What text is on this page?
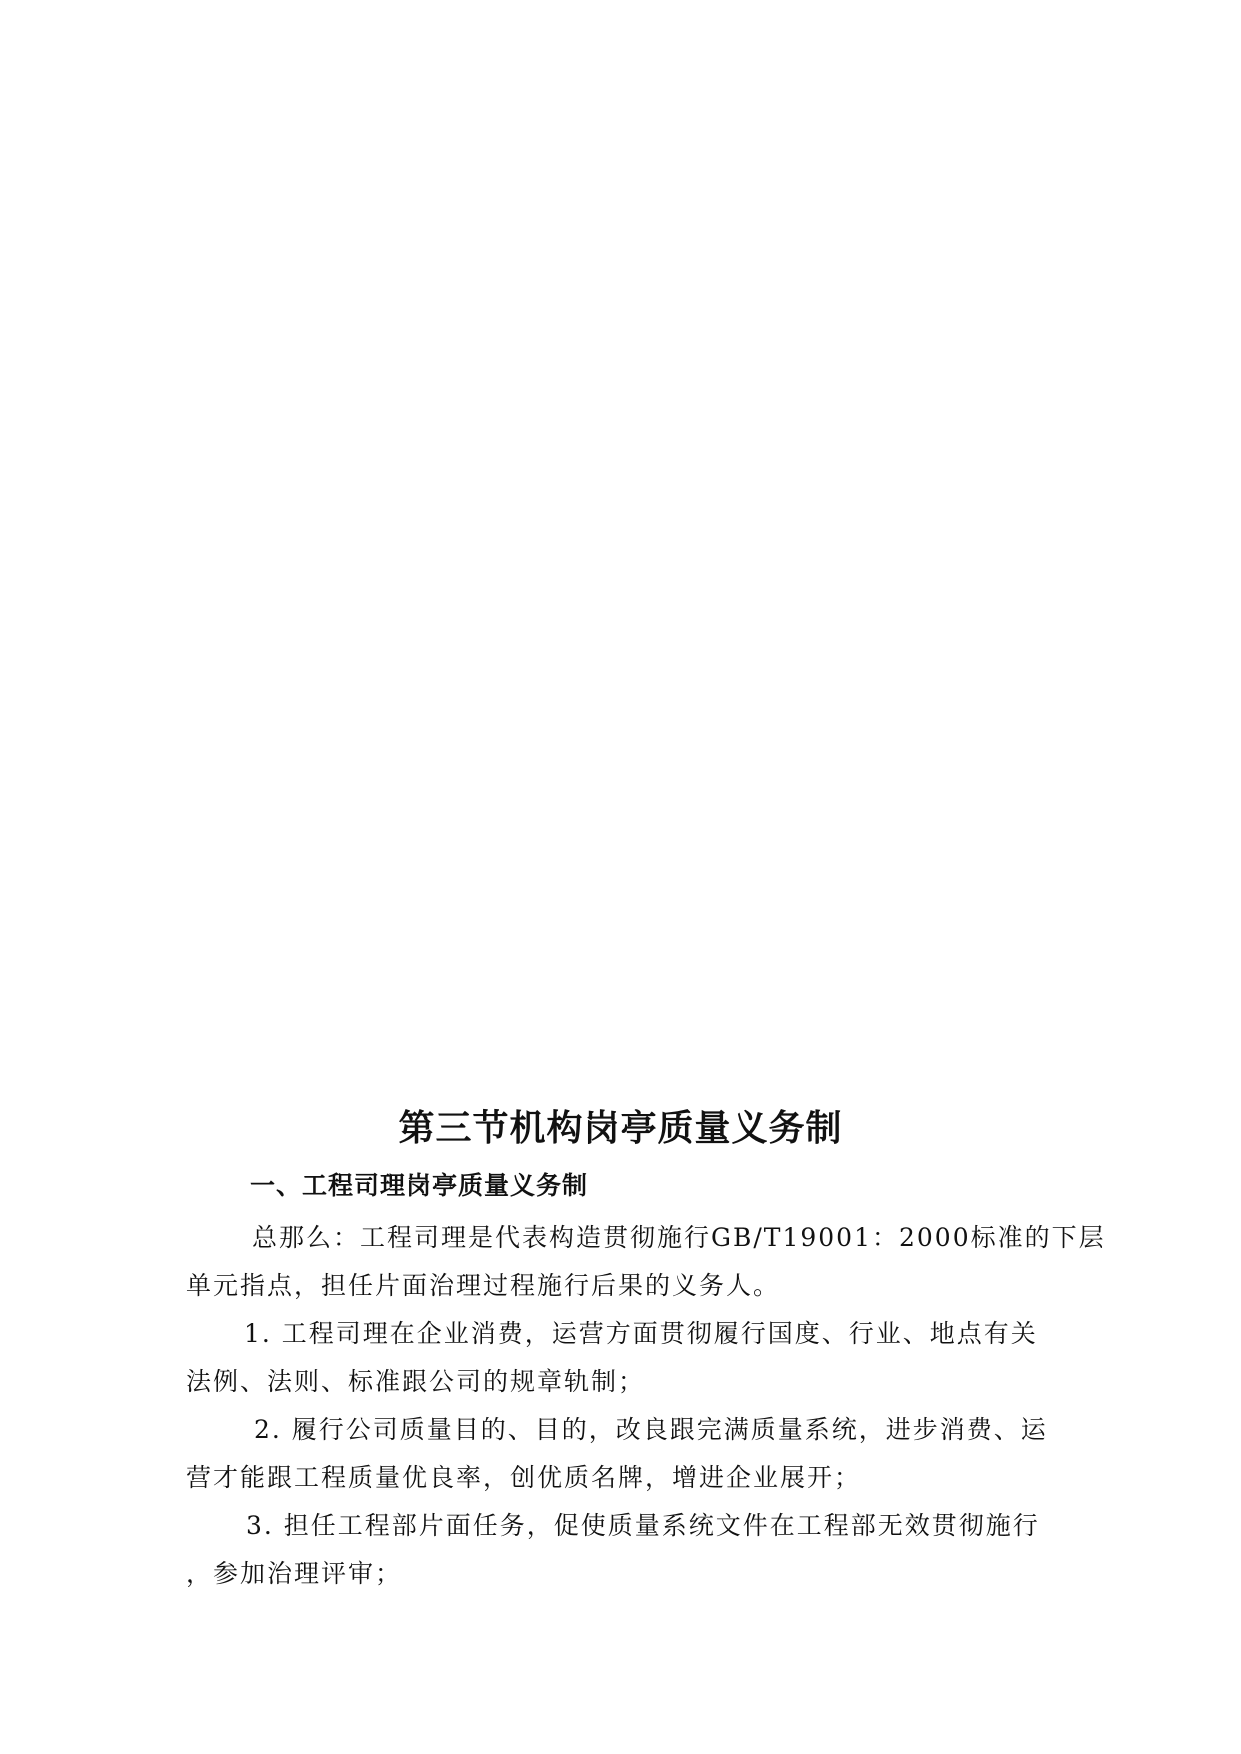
第三节机构岗亭质量义务制
一、工程司理岗亭质量义务制
总那么：工程司理是代表构造贯彻施行GB/T19001：2000标准的下层
单元指点，担任片面治理过程施行后果的义务人。
1. 工程司理在企业消费，运营方面贯彻履行国度、行业、地点有关
法例、法则、标准跟公司的规章轨制；
2. 履行公司质量目的、目的，改良跟完满质量系统，进步消费、运
营才能跟工程质量优良率，创优质名牌，增进企业展开；
3. 担任工程部片面任务，促使质量系统文件在工程部无效贯彻施行
，参加治理评审；
